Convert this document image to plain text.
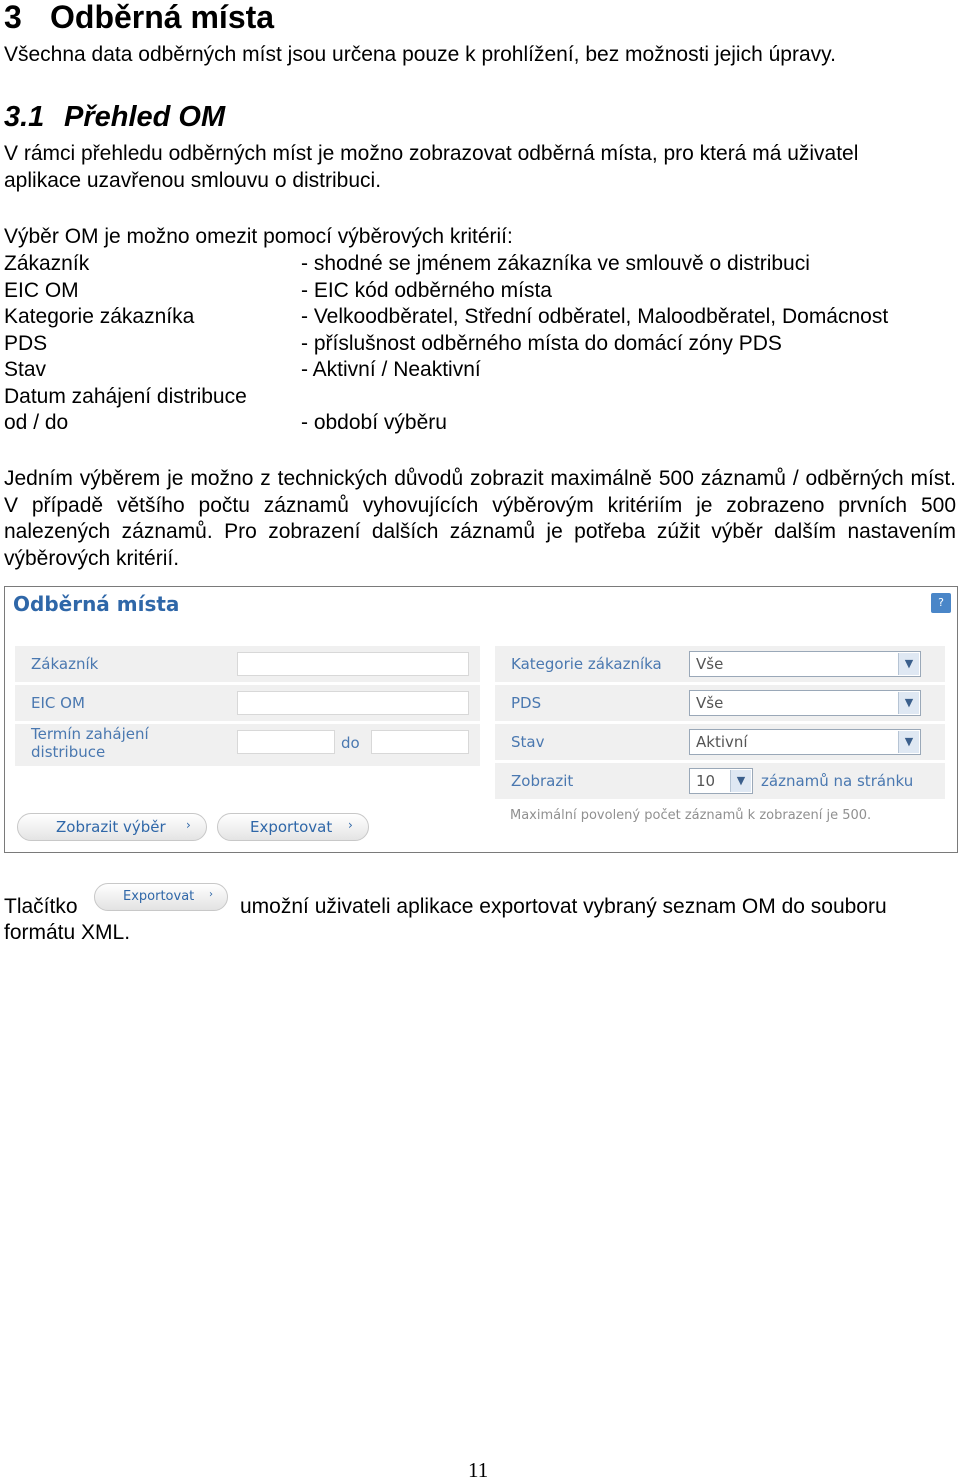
3 Odběrná místa
Všechna data odběrných míst jsou určena pouze k prohlížení, bez možnosti jejich úpravy.
3.1 Přehled OM
V rámci přehledu odběrných míst je možno zobrazovat odběrná místa, pro která má uživatel
aplikace uzavřenou smlouvu o distribuci.
Výběr OM je možno omezit pomocí výběrových kritérií:
Zákazník	- shodné se jménem zákazníka ve smlouvě o distribuci
EIC OM	- EIC kód odběrného místa
Kategorie zákazníka	- Velkoodběratel, Střední odběratel, Maloodběratel, Domácnost
PDS	- příslušnost odběrného místa do domácí zóny PDS
Stav	- Aktivní / Neaktivní
Datum zahájení distribuce
od / do	- období výběru
Jedním výběrem je možno z technických důvodů zobrazit maximálně 500 záznamů / odběrných míst. V případě většího počtu záznamů vyhovujících výběrovým kritériím je zobrazeno prvních 500 nalezených záznamů. Pro zobrazení dalších záznamů je potřeba zúžit výběr dalším nastavením výběrových kritérií.
Odběrná místa	?
Zákazník
EIC OM
Termín zahájení
distribuce	do
Kategorie zákazníka Vše	▼
PDS	Vše	▼
Stav	Aktivní	▼
Zobrazit	10	▼	záznamů na stránku
Maximální povolený počet záznamů k zobrazení je 500.
Zobrazit výběr ›	Exportovat ›
Tlačítko	Exportovat ›
umožní uživateli aplikace exportovat vybraný seznam OM do souboru
formátu XML.
11
